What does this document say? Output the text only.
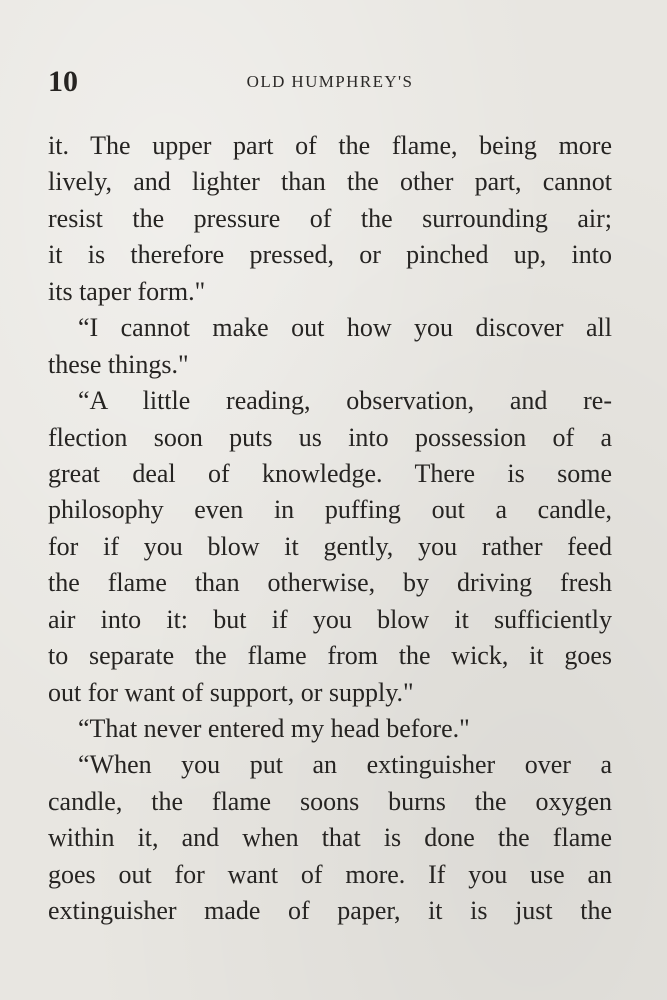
10	OLD HUMPHREY'S
it. The upper part of the flame, being more
lively, and lighter than the other part, cannot
resist the pressure of the surrounding air;
it is therefore pressed, or pinched up, into
its taper form."
“I cannot make out how you discover all
these things."
“A little reading, observation, and re-
flection soon puts us into possession of a
great deal of knowledge. There is some
philosophy even in puffing out a candle,
for if you blow it gently, you rather feed
the flame than otherwise, by driving fresh
air into it: but if you blow it sufficiently
to separate the flame from the wick, it goes
out for want of support, or supply."
“That never entered my head before."
“When you put an extinguisher over a
candle, the flame soons burns the oxygen
within it, and when that is done the flame
goes out for want of more. If you use an
extinguisher made of paper, it is just the
